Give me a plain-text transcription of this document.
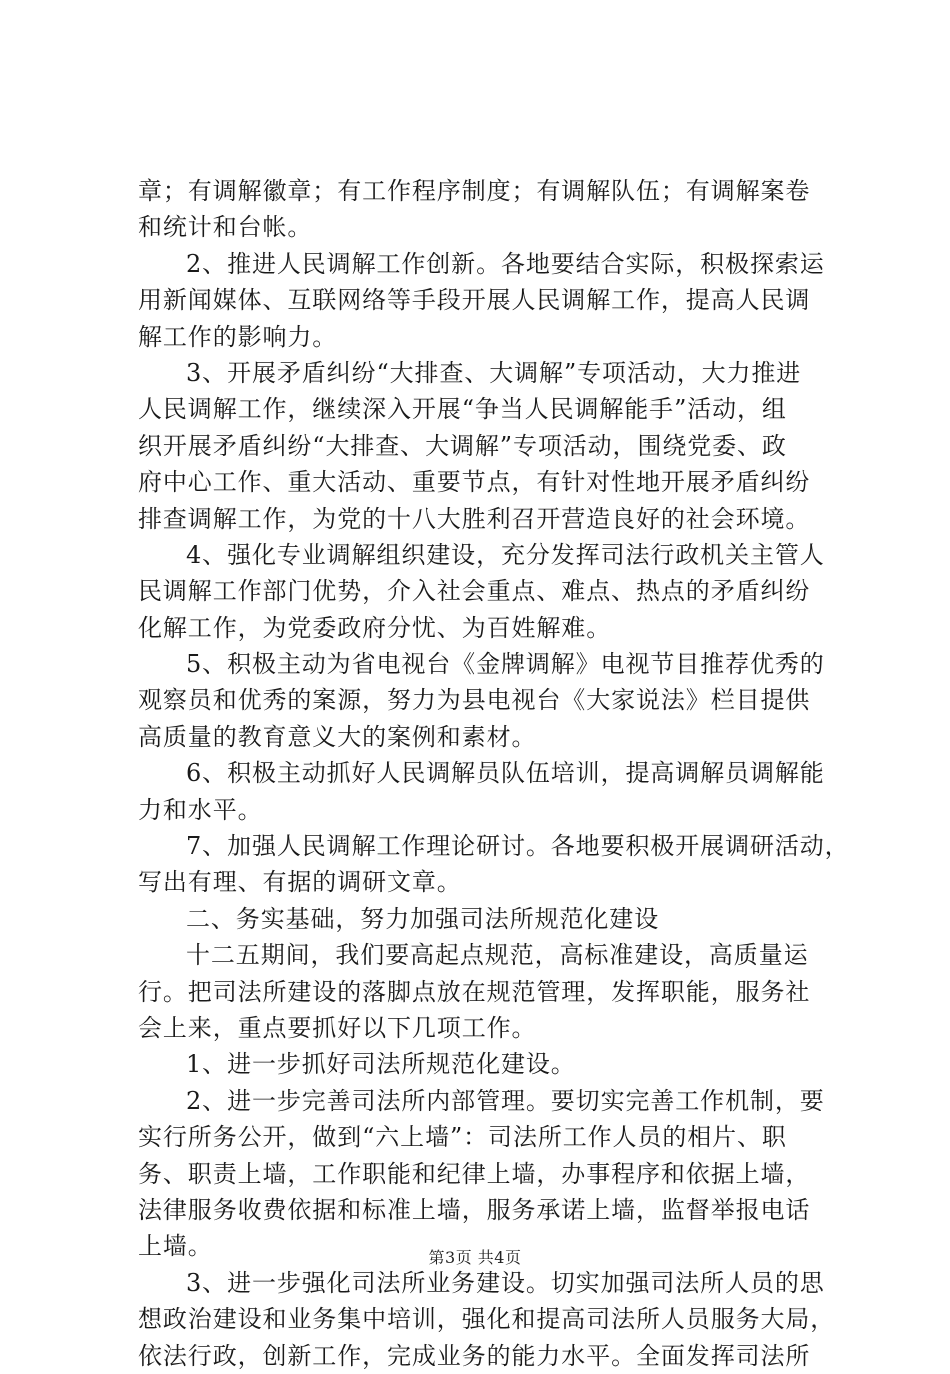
章；有调解徽章；有工作程序制度；有调解队伍；有调解案卷
和统计和台帐。
2、推进人民调解工作创新。各地要结合实际，积极探索运
用新闻媒体、互联网络等手段开展人民调解工作，提高人民调
解工作的影响力。
3、开展矛盾纠纷“大排查、大调解”专项活动，大力推进
人民调解工作，继续深入开展“争当人民调解能手”活动，组
织开展矛盾纠纷“大排查、大调解”专项活动，围绕党委、政
府中心工作、重大活动、重要节点，有针对性地开展矛盾纠纷
排查调解工作，为党的十八大胜利召开营造良好的社会环境。
4、强化专业调解组织建设，充分发挥司法行政机关主管人
民调解工作部门优势，介入社会重点、难点、热点的矛盾纠纷
化解工作，为党委政府分忧、为百姓解难。
5、积极主动为省电视台《金牌调解》电视节目推荐优秀的
观察员和优秀的案源，努力为县电视台《大家说法》栏目提供
高质量的教育意义大的案例和素材。
6、积极主动抓好人民调解员队伍培训，提高调解员调解能
力和水平。
7、加强人民调解工作理论研讨。各地要积极开展调研活动，
写出有理、有据的调研文章。
二、务实基础，努力加强司法所规范化建设
十二五期间，我们要高起点规范，高标准建设，高质量运
行。把司法所建设的落脚点放在规范管理，发挥职能，服务社
会上来，重点要抓好以下几项工作。
1、进一步抓好司法所规范化建设。
2、进一步完善司法所内部管理。要切实完善工作机制，要
实行所务公开，做到“六上墙”：司法所工作人员的相片、职
务、职责上墙，工作职能和纪律上墙，办事程序和依据上墙，
法律服务收费依据和标准上墙，服务承诺上墙，监督举报电话
上墙。
3、进一步强化司法所业务建设。切实加强司法所人员的思
想政治建设和业务集中培训，强化和提高司法所人员服务大局，
依法行政，创新工作，完成业务的能力水平。全面发挥司法所
第3页 共4页
